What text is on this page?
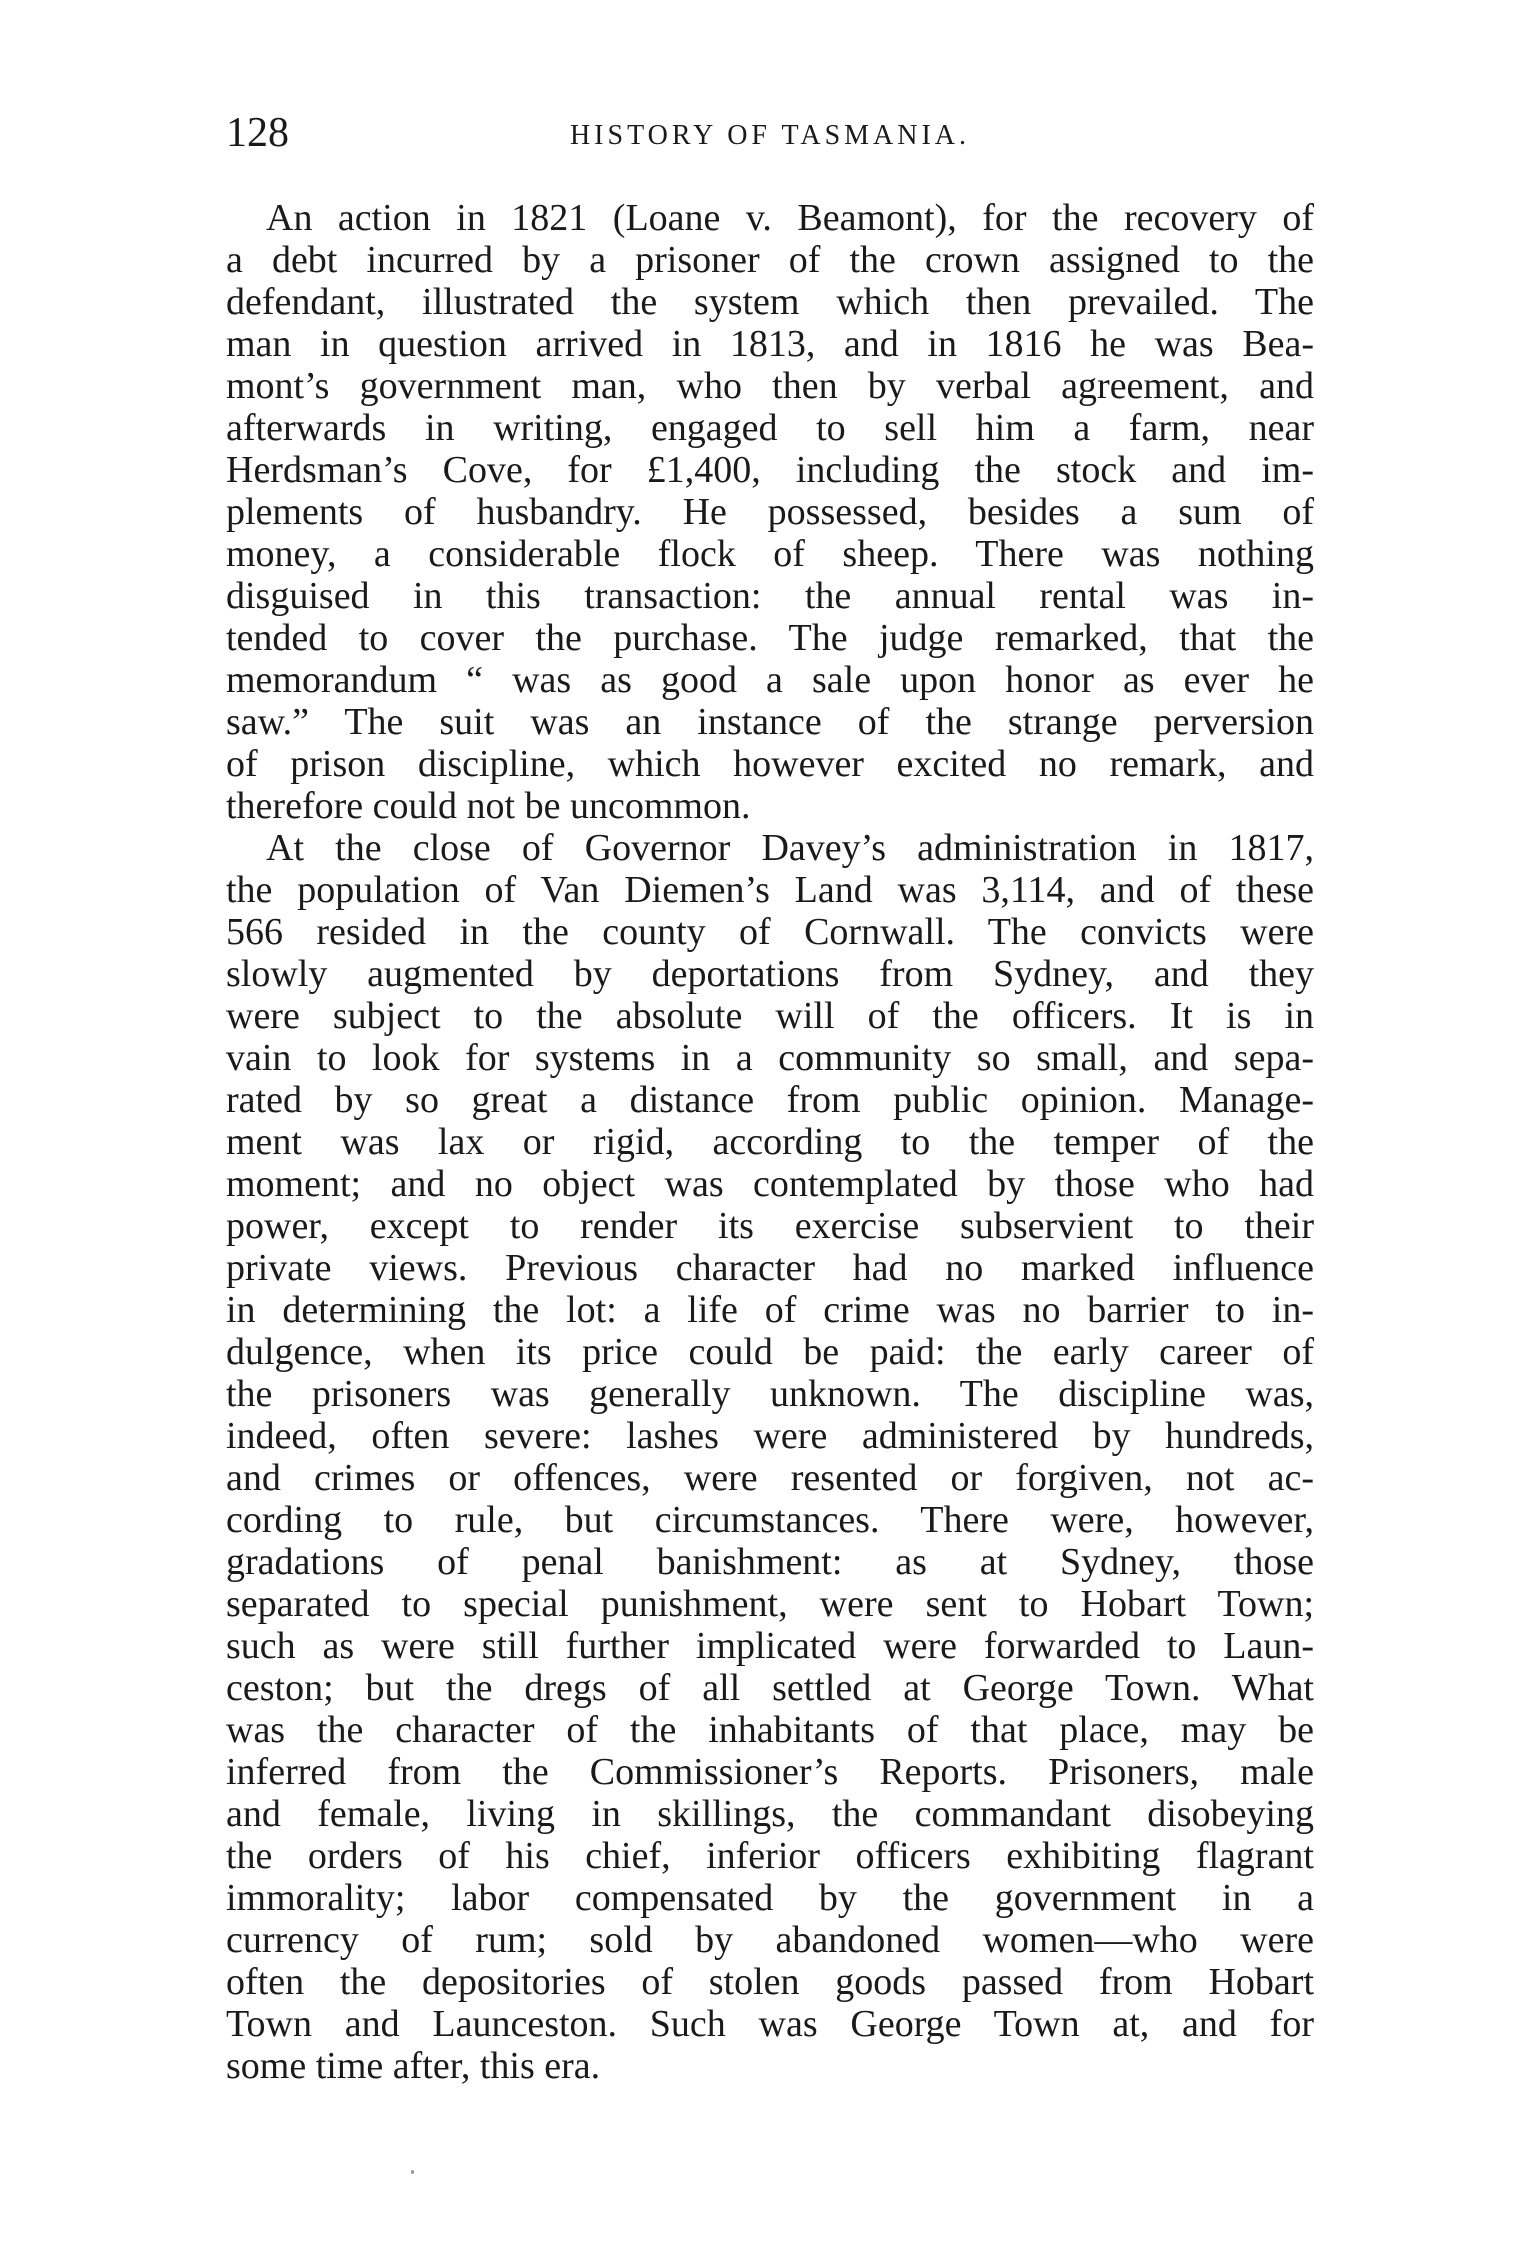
128	HISTORY OF TASMANIA.
An action in 1821 (Loane v. Beamont), for the recovery of
a debt incurred by a prisoner of the crown assigned to the
defendant, illustrated the system which then prevailed. The
man in question arrived in 1813, and in 1816 he was Bea-
mont’s government man, who then by verbal agreement, and
afterwards in writing, engaged to sell him a farm, near
Herdsman’s Cove, for £1,400, including the stock and im-
plements of husbandry. He possessed, besides a sum of
money, a considerable flock of sheep. There was nothing
disguised in this transaction: the annual rental was in-
tended to cover the purchase. The judge remarked, that the
memorandum “ was as good a sale upon honor as ever he
saw.” The suit was an instance of the strange perversion
of prison discipline, which however excited no remark, and
therefore could not be uncommon.
At the close of Governor Davey’s administration in 1817,
the population of Van Diemen’s Land was 3,114, and of these
566 resided in the county of Cornwall. The convicts were
slowly augmented by deportations from Sydney, and they
were subject to the absolute will of the officers. It is in
vain to look for systems in a community so small, and sepa-
rated by so great a distance from public opinion. Manage-
ment was lax or rigid, according to the temper of the
moment; and no object was contemplated by those who had
power, except to render its exercise subservient to their
private views. Previous character had no marked influence
in determining the lot: a life of crime was no barrier to in-
dulgence, when its price could be paid: the early career of
the prisoners was generally unknown. The discipline was,
indeed, often severe: lashes were administered by hundreds,
and crimes or offences, were resented or forgiven, not ac-
cording to rule, but circumstances. There were, however,
gradations of penal banishment: as at Sydney, those
separated to special punishment, were sent to Hobart Town;
such as were still further implicated were forwarded to Laun-
ceston; but the dregs of all settled at George Town. What
was the character of the inhabitants of that place, may be
inferred from the Commissioner’s Reports. Prisoners, male
and female, living in skillings, the commandant disobeying
the orders of his chief, inferior officers exhibiting flagrant
immorality; labor compensated by the government in a
currency of rum; sold by abandoned women—who were
often the depositories of stolen goods passed from Hobart
Town and Launceston. Such was George Town at, and for
some time after, this era.
